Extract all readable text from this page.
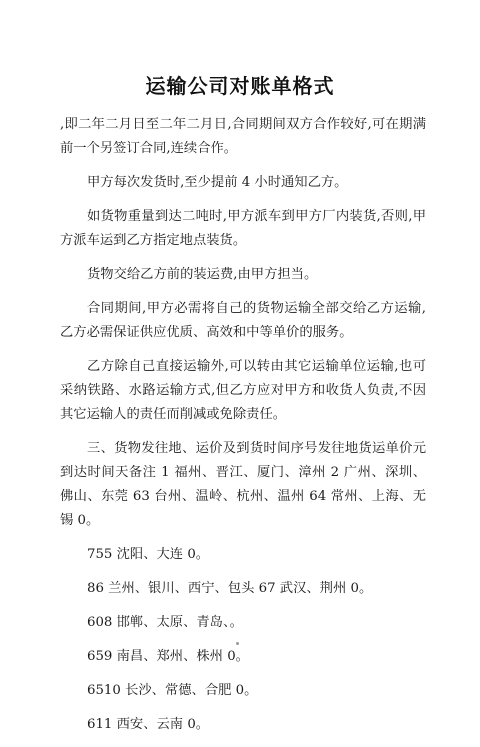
运输公司对账单格式

,即二年二月日至二年二月日,合同期间双方合作较好,可在期满前一个另签订合同,连续合作。

甲方每次发货时,至少提前 4 小时通知乙方。

如货物重量到达二吨时,甲方派车到甲方厂内装货,否则,甲方派车运到乙方指定地点装货。

货物交给乙方前的装运费,由甲方担当。

合同期间,甲方必需将自己的货物运输全部交给乙方运输,乙方必需保证供应优质、高效和中等单价的服务。

乙方除自己直接运输外,可以转由其它运输单位运输,也可采纳铁路、水路运输方式,但乙方应对甲方和收货人负责,不因其它运输人的责任而削减或免除责任。

三、货物发往地、运价及到货时间序号发往地货运单价元到达时间天备注 1 福州、晋江、厦门、漳州 2 广州、深圳、佛山、东莞 63 台州、温岭、杭州、温州 64 常州、上海、无锡 0。

755 沈阳、大连 0。

86 兰州、银川、西宁、包头 67 武汉、荆州 0。

608 邯郸、太原、青岛、。

659 南昌、郑州、株州 0。

6510 长沙、常德、合肥 0。

611 西安、云南 0。
